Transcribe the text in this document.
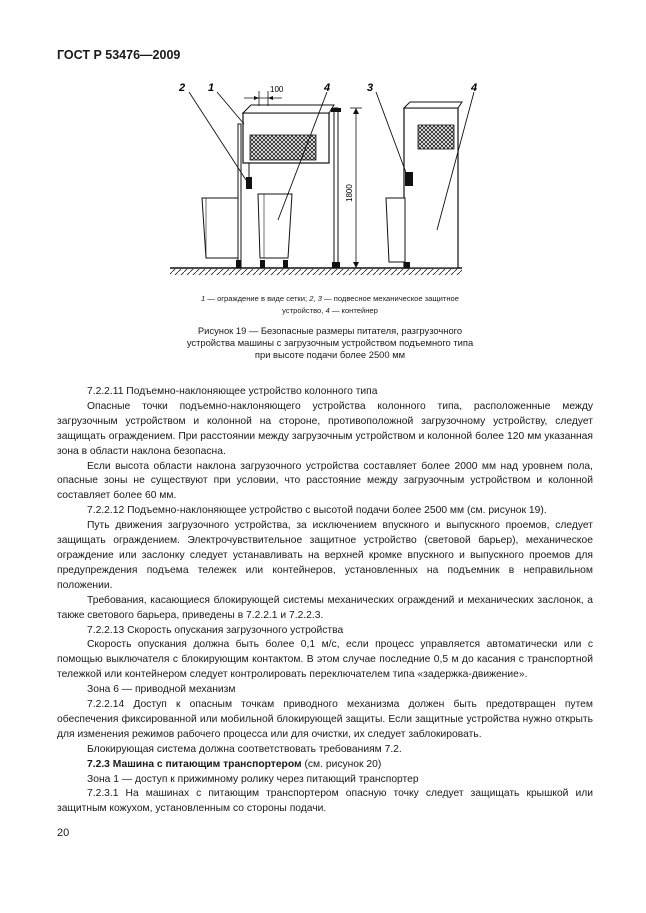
ГОСТ Р 53476—2009
2 1	4	3	4
100
1800
1 — ограждение в виде сетки; 2, 3 — подвесное механическое защитное
устройство, 4 — контейнер
Рисунок 19 — Безопасные размеры питателя, разгрузочного
устройства машины с загрузочным устройством подъемного типа
при высоте подачи более 2500 мм

7.2.2.11 Подъемно-наклоняющее устройство колонного типа

Опасные точки подъемно-наклоняющего устройства колонного типа, расположенные между загрузочным устройством и колонной на стороне, противоположной загрузочному устройству, следует защищать ограждением. При расстоянии между загрузочным устройством и колонной более 120 мм указанная зона в области наклона безопасна.

Если высота области наклона загрузочного устройства составляет более 2000 мм над уровнем пола, опасные зоны не существуют при условии, что расстояние между загрузочным устройством и колонной составляет более 60 мм.

7.2.2.12 Подъемно-наклоняющее устройство с высотой подачи более 2500 мм (см. рисунок 19).

Путь движения загрузочного устройства, за исключением впускного и выпускного проемов, следует защищать ограждением. Электрочувствительное защитное устройство (световой барьер), механическое ограждение или заслонку следует устанавливать на верхней кромке впускного и выпускного проемов для предупреждения подъема тележек или контейнеров, установленных на подъемник в неправильном положении.

Требования, касающиеся блокирующей системы механических ограждений и механических заслонок, а также светового барьера, приведены в 7.2.2.1 и 7.2.2.3.

7.2.2.13 Скорость опускания загрузочного устройства

Скорость опускания должна быть более 0,1 м/с, если процесс управляется автоматически или с помощью выключателя с блокирующим контактом. В этом случае последние 0,5 м до касания с транспортной тележкой или контейнером следует контролировать переключателем типа «задержка-движение».

Зона 6 — приводной механизм

7.2.2.14 Доступ к опасным точкам приводного механизма должен быть предотвращен путем обеспечения фиксированной или мобильной блокирующей защиты. Если защитные устройства нужно открыть для изменения режимов рабочего процесса или для очистки, их следует заблокировать.

Блокирующая система должна соответствовать требованиям 7.2.

7.2.3 Машина с питающим транспортером (см. рисунок 20)

Зона 1 — доступ к прижимному ролику через питающий транспортер

7.2.3.1 На машинах с питающим транспортером опасную точку следует защищать крышкой или защитным кожухом, установленным со стороны подачи.

20
